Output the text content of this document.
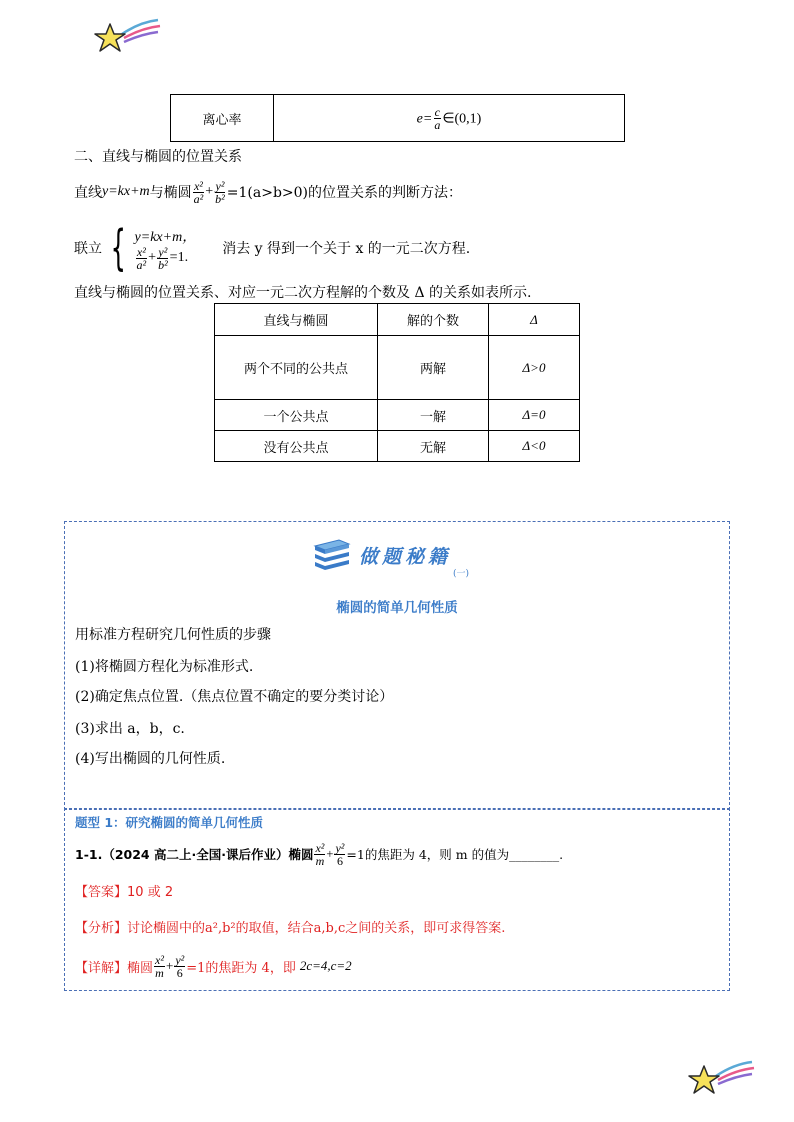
离心率	$e= \frac{c}{a}$ ∈(0,1)
二、直线与椭圆的位置关系
直线 y=kx+m 与椭圆 $\frac{\text{x²}}{\text{a²}} + \frac{\text{y²}}{\text{b²}} =1(a>b>0)$的位置关系的判断方法：
联立 { y=kx+m，
$\frac{\text{x²}}{\text{a²}} + \frac{\text{y²}}{\text{b²}} =1$.
消去 y 得到一个关于 x 的一元二次方程.
直线与椭圆的位置关系、对应一元二次方程解的个数及 Δ 的关系如表所示.
直线与椭圆	解的个数	Δ
两个不同的公共点	两解	Δ>0
一个公共点	一解	Δ=0
没有公共点	无解	Δ<0
做题秘籍
(一)
椭圆的简单几何性质
用标准方程研究几何性质的步骤
(1)将椭圆方程化为标准形式.
(2)确定焦点位置.（焦点位置不确定的要分类讨论）
(3)求出 a，b，c.
(4)写出椭圆的几何性质.
题型 1：研究椭圆的简单几何性质
1-1.（2024 高二上·全国·课后作业）椭圆 $\frac{\text{x²}}{m} + \frac{\text{y²}}{6} =1$的焦距为 4，则 m 的值为________.
【答案】10 或 2
【分析】讨论椭圆中的a²,b²的取值，结合a,b,c之间的关系，即可求得答案.
【详解】 椭圆 $\frac{\text{x²}}{m} + \frac{\text{y²}}{6} =1$的焦距为 4，即 2c=4,c=2
